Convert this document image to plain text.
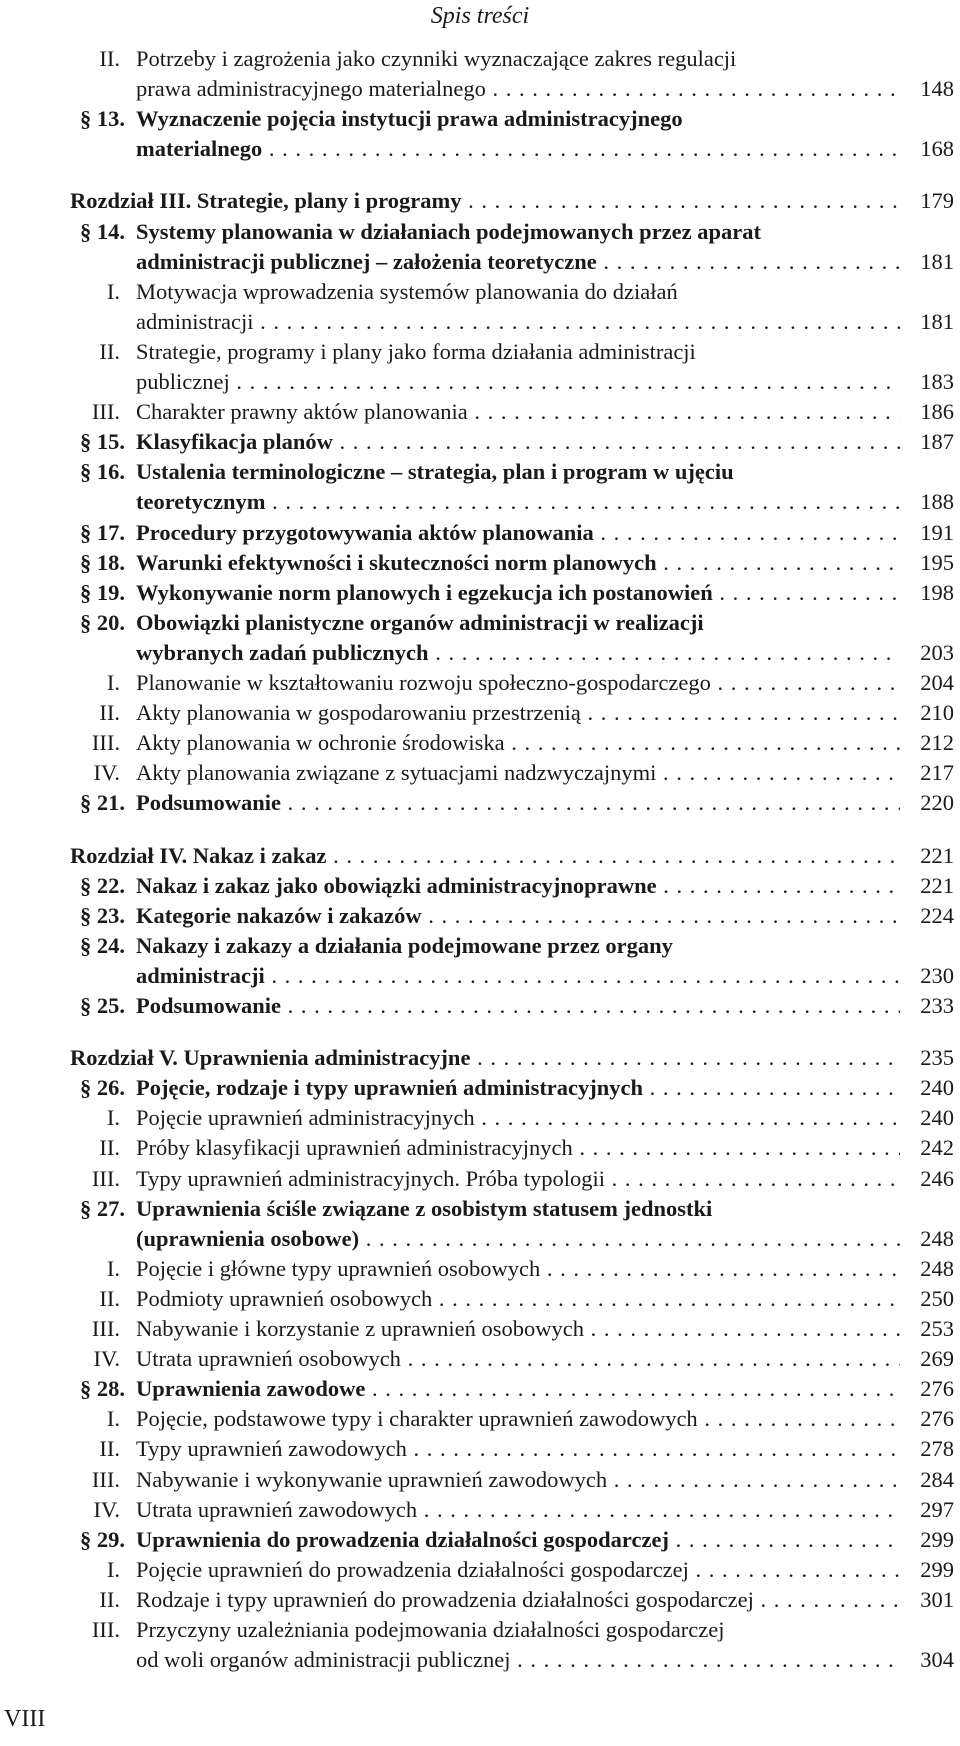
Spis treści
II. Potrzeby i zagrożenia jako czynniki wyznaczające zakres regulacji
prawa administracyjnego materialnego . . .	148
§ 13. Wyznaczenie pojęcia instytucji prawa administracyjnego
materialnego . . .	168
Rozdział III. Strategie, plany i programy . . .	179
§ 14. Systemy planowania w działaniach podejmowanych przez aparat
administracji publicznej – założenia teoretyczne . . .	181
I. Motywacja wprowadzenia systemów planowania do działań
administracji . . .	181
II. Strategie, programy i plany jako forma działania administracji
publicznej . . .	183
III. Charakter prawny aktów planowania . . .	186
§ 15. Klasyfikacja planów . . .	187
§ 16. Ustalenia terminologiczne – strategia, plan i program w ujęciu
teoretycznym . . .	188
§ 17. Procedury przygotowywania aktów planowania . . .	191
§ 18. Warunki efektywności i skuteczności norm planowych . . .	195
§ 19. Wykonywanie norm planowych i egzekucja ich postanowień . . .	198
§ 20. Obowiązki planistyczne organów administracji w realizacji
wybranych zadań publicznych . . .	203
I. Planowanie w kształtowaniu rozwoju społeczno-gospodarczego . . .	204
II. Akty planowania w gospodarowaniu przestrzenią . . .	210
III. Akty planowania w ochronie środowiska . . .	212
IV. Akty planowania związane z sytuacjami nadzwyczajnymi . . .	217
§ 21. Podsumowanie . . .	220
Rozdział IV. Nakaz i zakaz . . .	221
§ 22. Nakaz i zakaz jako obowiązki administracyjnoprawne . . .	221
§ 23. Kategorie nakazów i zakazów . . .	224
§ 24. Nakazy i zakazy a działania podejmowane przez organy
administracji . . .	230
§ 25. Podsumowanie . . .	233
Rozdział V. Uprawnienia administracyjne . . .	235
§ 26. Pojęcie, rodzaje i typy uprawnień administracyjnych . . .	240
I. Pojęcie uprawnień administracyjnych . . .	240
II. Próby klasyfikacji uprawnień administracyjnych . . .	242
III. Typy uprawnień administracyjnych. Próba typologii . . .	246
§ 27. Uprawnienia ściśle związane z osobistym statusem jednostki
(uprawnienia osobowe) . . .	248
I. Pojęcie i główne typy uprawnień osobowych . . .	248
II. Podmioty uprawnień osobowych . . .	250
III. Nabywanie i korzystanie z uprawnień osobowych . . .	253
IV. Utrata uprawnień osobowych . . .	269
§ 28. Uprawnienia zawodowe . . .	276
I. Pojęcie, podstawowe typy i charakter uprawnień zawodowych . . .	276
II. Typy uprawnień zawodowych . . .	278
III. Nabywanie i wykonywanie uprawnień zawodowych . . .	284
IV. Utrata uprawnień zawodowych . . .	297
§ 29. Uprawnienia do prowadzenia działalności gospodarczej . . .	299
I. Pojęcie uprawnień do prowadzenia działalności gospodarczej . . .	299
II. Rodzaje i typy uprawnień do prowadzenia działalności gospodarczej . . .	301
III. Przyczyny uzależniania podejmowania działalności gospodarczej
od woli organów administracji publicznej . . .	304
VIII
